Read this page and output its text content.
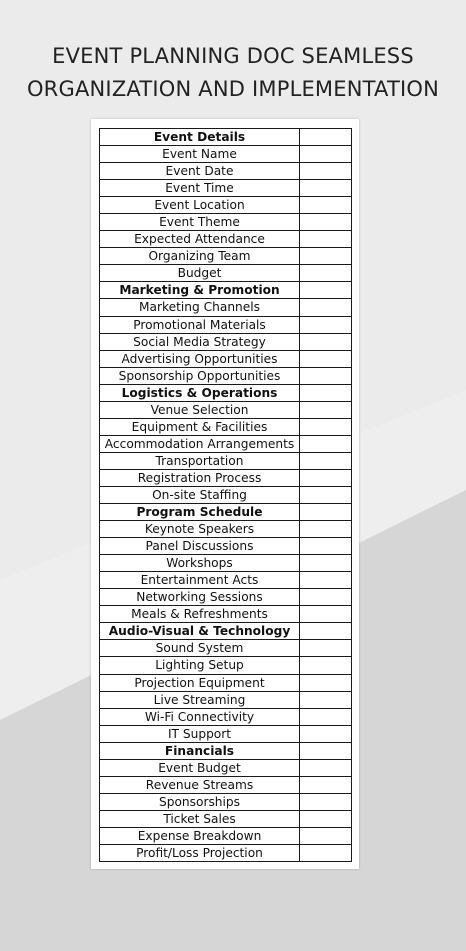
EVENT PLANNING DOC SEAMLESS
ORGANIZATION AND IMPLEMENTATION
Event Details	
Event Name	
Event Date	
Event Time	
Event Location	
Event Theme	
Expected Attendance	
Organizing Team	
Budget	
Marketing & Promotion	
Marketing Channels	
Promotional Materials	
Social Media Strategy	
Advertising Opportunities	
Sponsorship Opportunities	
Logistics & Operations	
Venue Selection	
Equipment & Facilities	
Accommodation Arrangements	
Transportation	
Registration Process	
On-site Staffing	
Program Schedule	
Keynote Speakers	
Panel Discussions	
Workshops	
Entertainment Acts	
Networking Sessions	
Meals & Refreshments	
Audio-Visual & Technology	
Sound System	
Lighting Setup	
Projection Equipment	
Live Streaming	
Wi-Fi Connectivity	
IT Support	
Financials	
Event Budget	
Revenue Streams	
Sponsorships	
Ticket Sales	
Expense Breakdown	
Profit/Loss Projection	
